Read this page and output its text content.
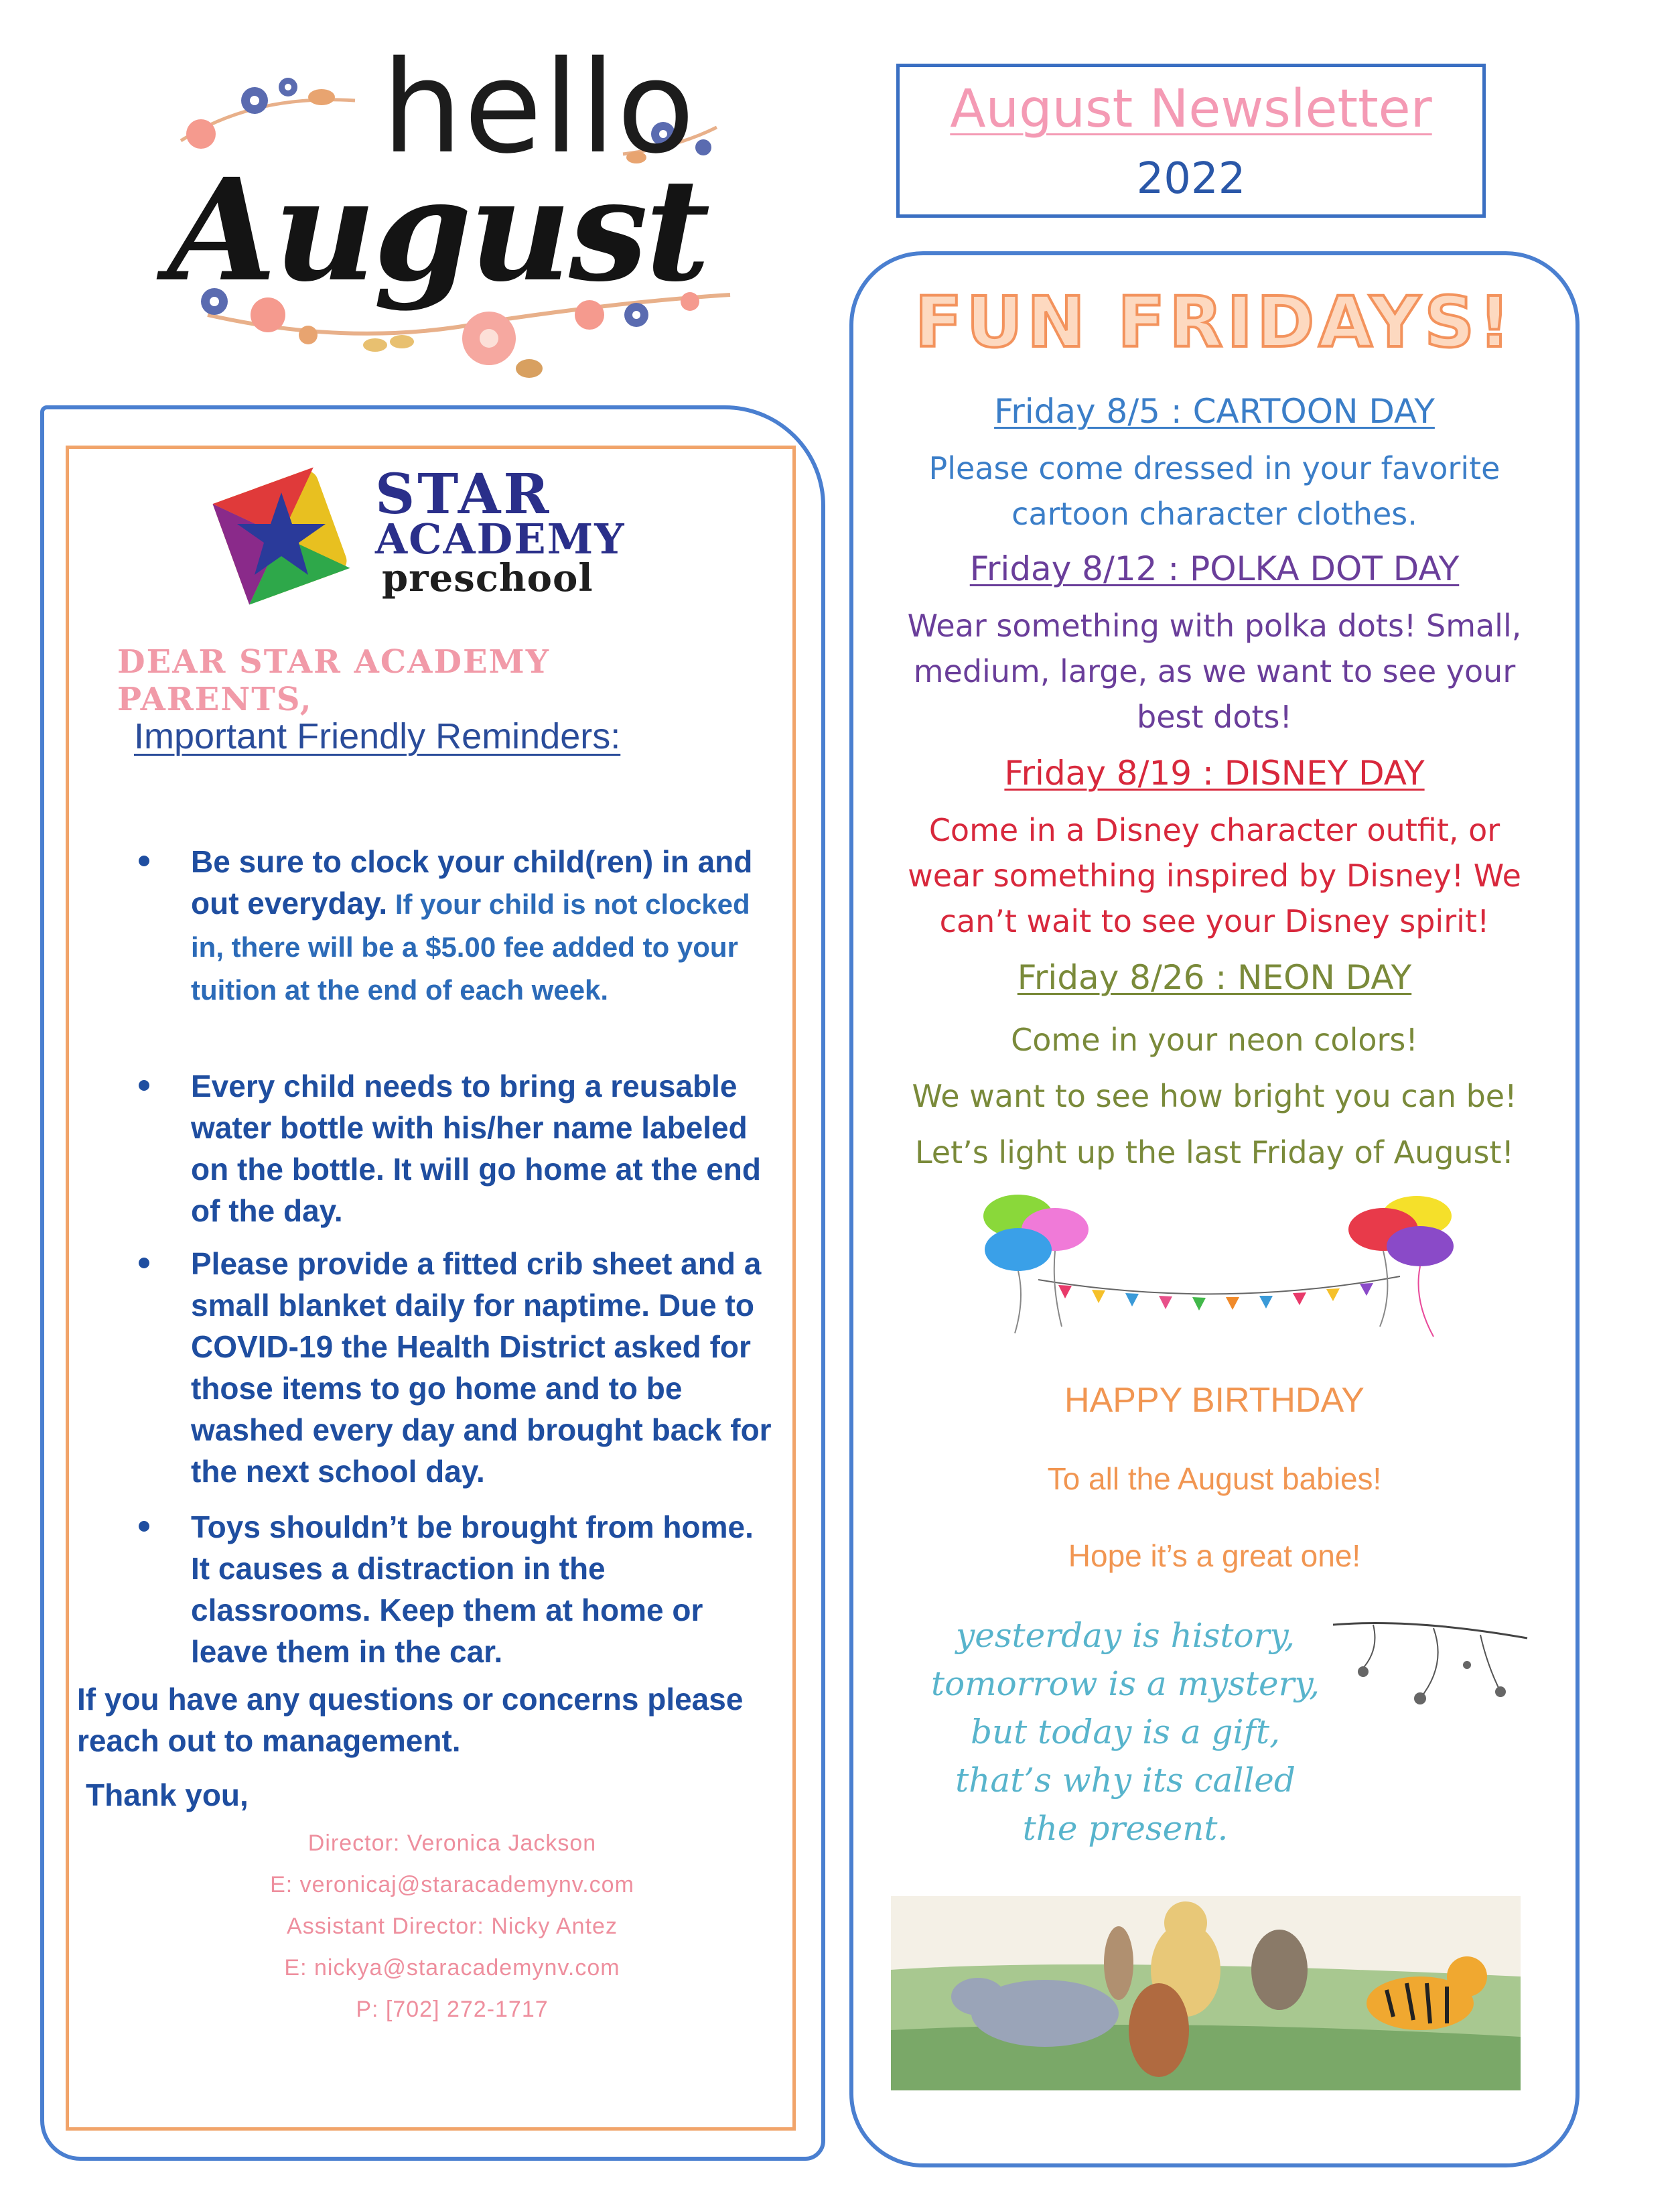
hello
August
August Newsletter
2022
STAR
ACADEMY
preschool
DEAR STAR ACADEMY PARENTS,
Important Friendly Reminders:
Be sure to clock your child(ren) in and out everyday. If your child is not clocked in, there will be a $5.00 fee added to your tuition at the end of each week.
Every child needs to bring a reusable water bottle with his/her name labeled on the bottle. It will go home at the end of the day.
Please provide a fitted crib sheet and a small blanket daily for naptime. Due to COVID-19 the Health District asked for those items to go home and to be washed every day and brought back for the next school day.
Toys shouldn’t be brought from home. It causes a distraction in the classrooms. Keep them at home or leave them in the car.
If you have any questions or concerns please reach out to management.
Thank you,
Director: Veronica Jackson
E: veronicaj@staracademynv.com
Assistant Director: Nicky Antez
E: nickya@staracademynv.com
P: [702] 272-1717
FUN FRIDAYS!
Friday 8/5 : CARTOON DAY
Please come dressed in your favorite
cartoon character clothes.
Friday 8/12 : POLKA DOT DAY
Wear something with polka dots! Small,
medium, large, as we want to see your
best dots!
Friday 8/19 : DISNEY DAY
Come in a Disney character outfit, or
wear something inspired by Disney! We
can’t wait to see your Disney spirit!
Friday 8/26 : NEON DAY
Come in your neon colors!
We want to see how bright you can be!
Let’s light up the last Friday of August!
HAPPY BIRTHDAY
To all the August babies!
Hope it’s a great one!
yesterday is history,
tomorrow is a mystery,
but today is a gift,
that’s why its called
the present.
